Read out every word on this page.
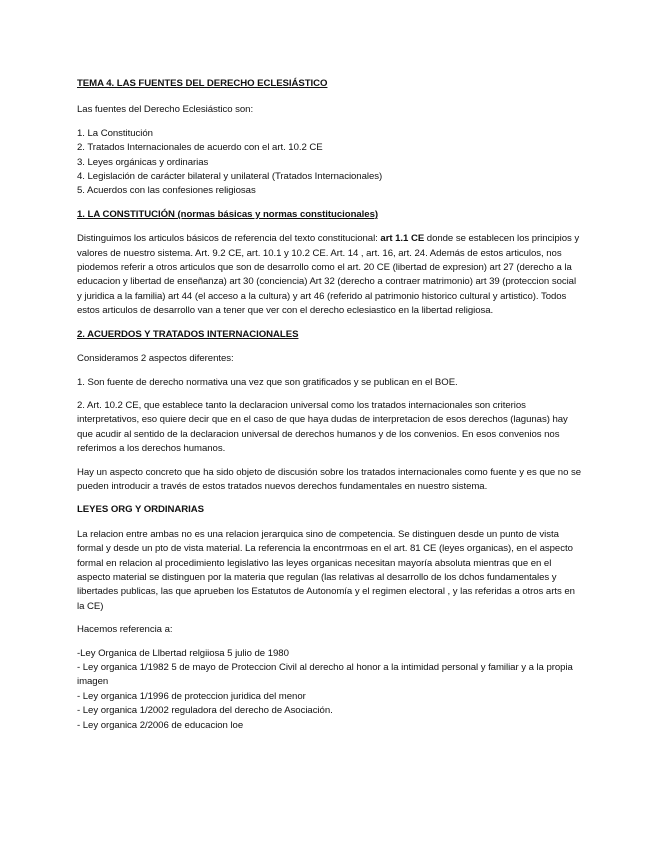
TEMA 4. LAS FUENTES DEL DERECHO ECLESIÁSTICO

Las fuentes del Derecho Eclesiástico son:

1. La Constitución
2. Tratados Internacionales de acuerdo con el art. 10.2 CE
3. Leyes orgánicas y ordinarias
4. Legislación de carácter bilateral y unilateral (Tratados Internacionales)
5. Acuerdos con las confesiones religiosas
1. LA CONSTITUCIÓN (normas básicas y normas constitucionales)

Distinguimos los articulos básicos de referencia del texto constitucional: art 1.1 CE donde se establecen los principios y valores de nuestro sistema. Art. 9.2 CE, art. 10.1 y 10.2 CE. Art. 14 , art. 16, art. 24. Además de estos articulos, nos piodemos referir a otros articulos que son de desarrollo como el art. 20 CE (libertad de expresion) art 27 (derecho a la educacion y libertad de enseñanza) art 30 (conciencia) Art 32 (derecho a contraer matrimonio) art 39 (proteccion social y juridica a la familia) art 44 (el acceso a la cultura) y art 46 (referido al patrimonio historico cultural y artistico). Todos estos articulos de desarrollo van a tener que ver con el derecho eclesiastico en la libertad religiosa.

2. ACUERDOS Y TRATADOS INTERNACIONALES

Consideramos 2 aspectos diferentes:

1. Son fuente de derecho normativa una vez que son gratificados y se publican en el BOE.

2. Art. 10.2 CE, que establece tanto la declaracion universal como los tratados internacionales son criterios interpretativos, eso quiere decir que en el caso de que haya dudas de interpretacion de esos derechos (lagunas) hay que acudir al sentido de la declaracion universal de derechos humanos y de los convenios. En esos convenios nos referimos a los derechos humanos.

Hay un aspecto concreto que ha sido objeto de discusión sobre los tratados internacionales como fuente y es que no se pueden introducir a través de estos tratados nuevos derechos fundamentales en nuestro sistema.

LEYES ORG Y ORDINARIAS

La relacion entre ambas no es una relacion jerarquica sino de competencia. Se distinguen desde un punto de vista formal y desde un pto de vista material. La referencia la encontrmoas en el art. 81 CE (leyes organicas), en el aspecto formal en relacion al procedimiento legislativo las leyes organicas necesitan mayoría absoluta mientras que en el aspecto material se distinguen por la materia que regulan (las relativas al desarrollo de los dchos fundamentales y libertades publicas, las que aprueben los Estatutos de Autonomía y el regimen electoral , y las referidas a otros arts en la CE)

Hacemos referencia a:

-Ley Organica de Llbertad relgiiosa 5 julio de 1980
- Ley organica 1/1982 5 de mayo de Proteccion Civil al derecho al honor a la intimidad personal y familiar y a la propia imagen
- Ley organica 1/1996 de proteccion juridica del menor
- Ley organica 1/2002 reguladora del derecho de Asociación.
- Ley organica 2/2006 de educacion loe
